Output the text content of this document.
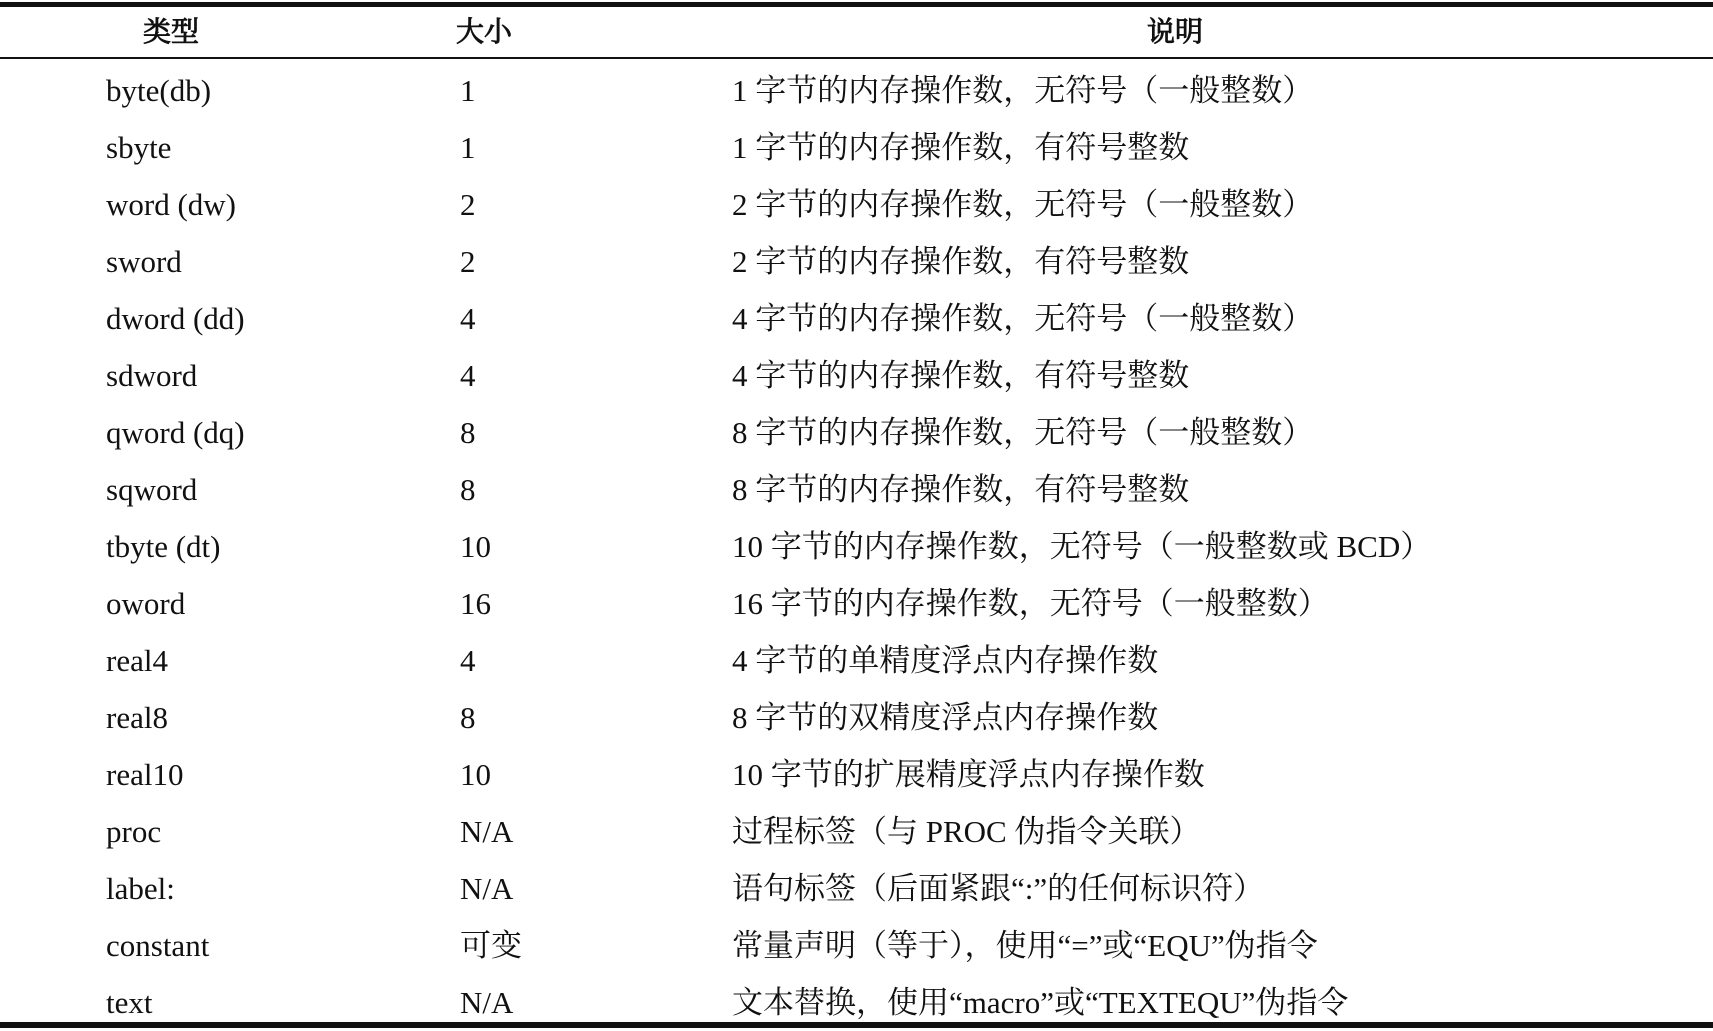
类型	大小	说明
byte(db)	1	1 字节的内存操作数，无符号（一般整数）
sbyte	1	1 字节的内存操作数，有符号整数
word (dw)	2	2 字节的内存操作数，无符号（一般整数）
sword	2	2 字节的内存操作数，有符号整数
dword (dd)	4	4 字节的内存操作数，无符号（一般整数）
sdword	4	4 字节的内存操作数，有符号整数
qword (dq)	8	8 字节的内存操作数，无符号（一般整数）
sqword	8	8 字节的内存操作数，有符号整数
tbyte (dt)	10	10 字节的内存操作数，无符号（一般整数或 BCD）
oword	16	16 字节的内存操作数，无符号（一般整数）
real4	4	4 字节的单精度浮点内存操作数
real8	8	8 字节的双精度浮点内存操作数
real10	10	10 字节的扩展精度浮点内存操作数
proc	N/A	过程标签（与 PROC 伪指令关联）
label:	N/A	语句标签（后面紧跟“:”的任何标识符）
constant	可变	常量声明（等于），使用“=”或“EQU”伪指令
text	N/A	文本替换，使用“macro”或“TEXTEQU”伪指令
